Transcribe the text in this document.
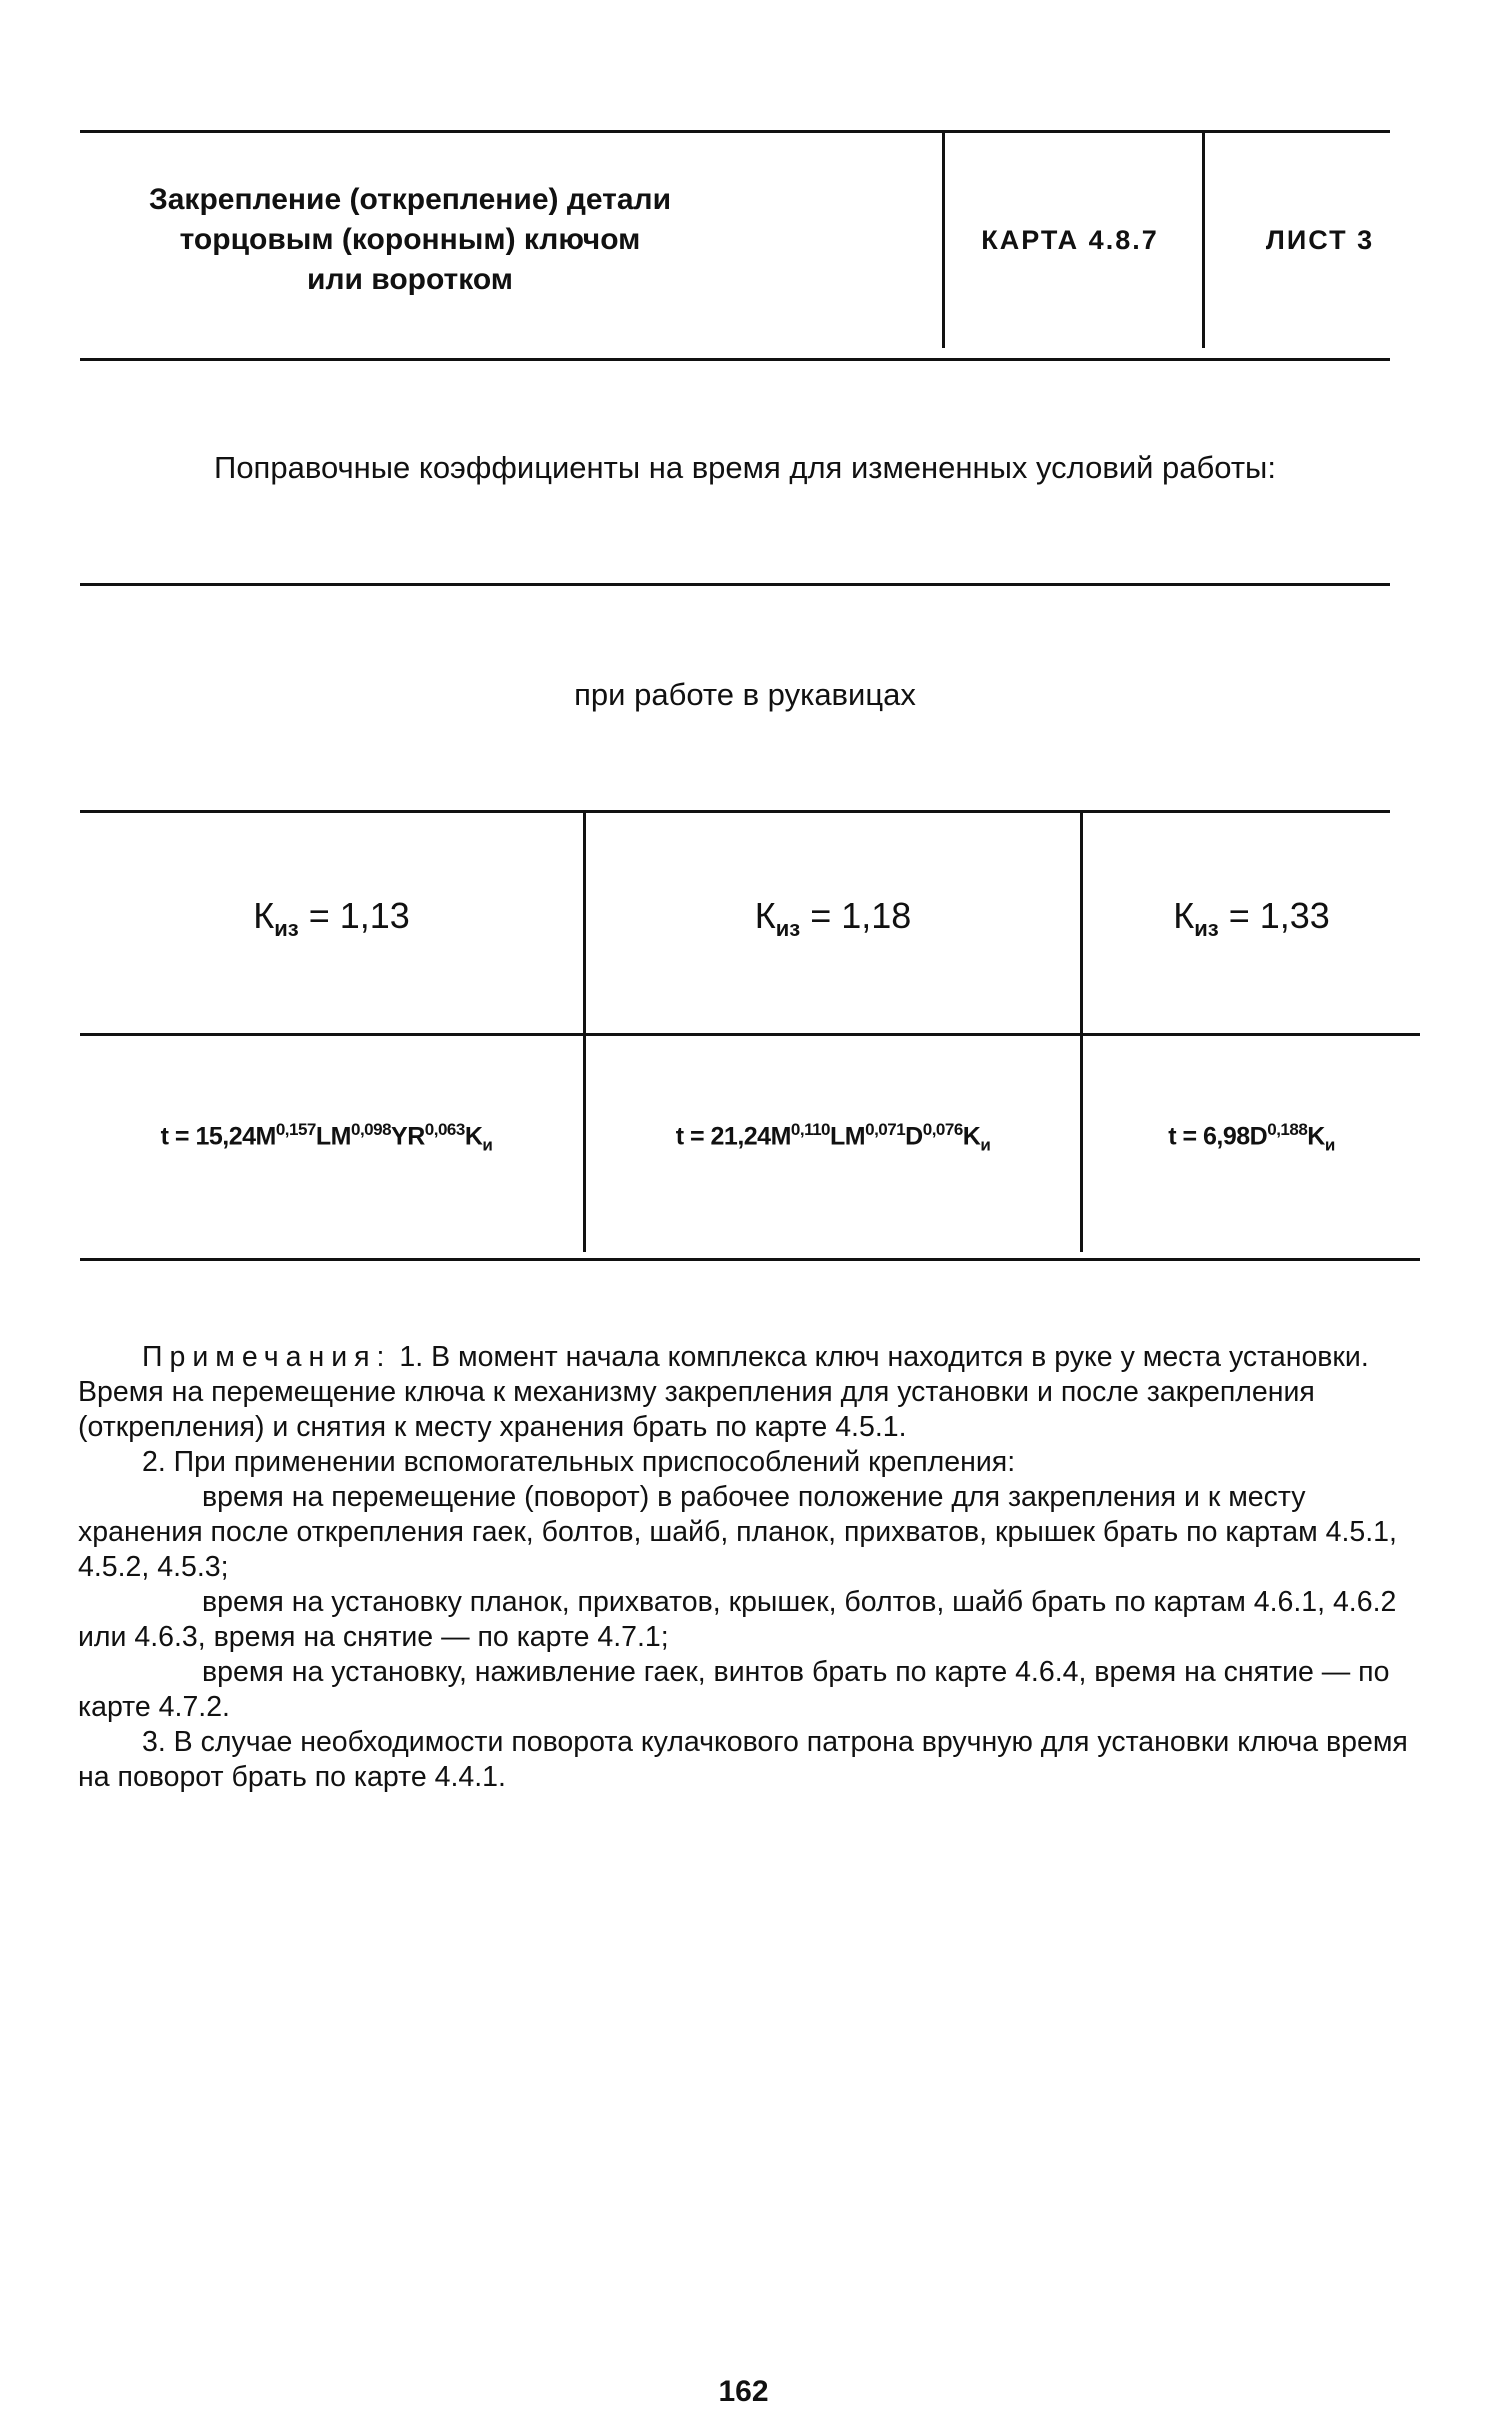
Закрепление (открепление) детали
торцовым (коронным) ключом
или воротком
КАРТА 4.8.7	ЛИСТ 3
Поправочные коэффициенты на время для измененных условий работы:
при работе в рукавицах
$К_{из} = 1,13$	$К_{из} = 1,18$	$К_{из} = 1,33$
$t = 15,24M^{0,157}LM^{0,098}YR^{0,063}K_и$	$t = 21,24M^{0,110}LM^{0,071}D^{0,076}K_и$	$t = 6,98D^{0,188}K_и$

Примечания: 1. В момент начала комплекса ключ находится в руке у места установки. Время на перемещение ключа к механизму закрепления для установки и после закрепления (открепления) и снятия к месту хранения брать по карте 4.5.1.

2. При применении вспомогательных приспособлений крепления:

время на перемещение (поворот) в рабочее положение для закрепления и к месту хранения после открепления гаек, болтов, шайб, планок, прихватов, крышек брать по картам 4.5.1, 4.5.2, 4.5.3;

время на установку планок, прихватов, крышек, болтов, шайб брать по картам 4.6.1, 4.6.2 или 4.6.3, время на снятие — по карте 4.7.1;

время на установку, наживление гаек, винтов брать по карте 4.6.4, время на снятие — по карте 4.7.2.

3. В случае необходимости поворота кулачкового патрона вручную для установки ключа время на поворот брать по карте 4.4.1.

162
